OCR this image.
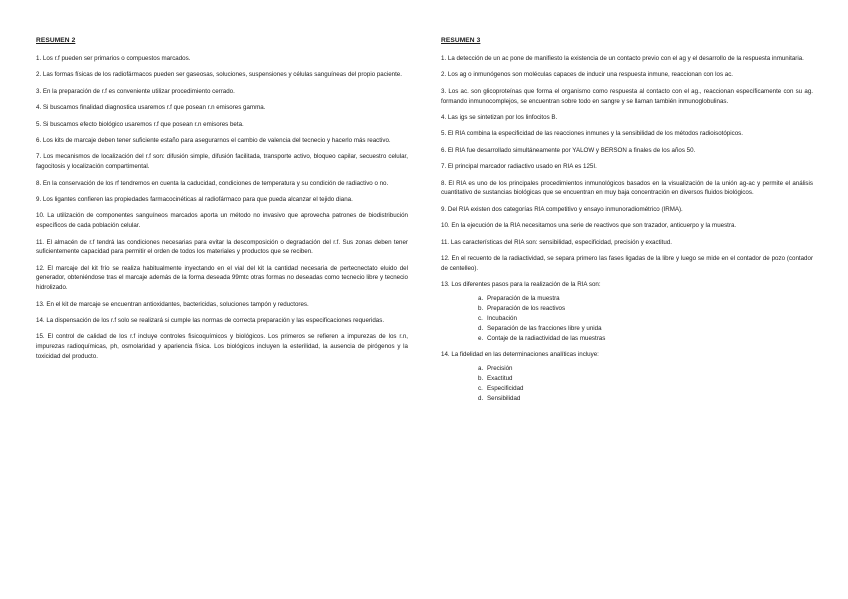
RESUMEN 2

1. Los r.f pueden ser primarios o compuestos marcados.

2. Las formas físicas de los radiofármacos pueden ser gaseosas, soluciones, suspensiones y células sanguíneas del propio paciente.

3. En la preparación de r.f es conveniente utilizar procedimiento cerrado.

4. Si buscamos finalidad diagnostica usaremos r.f que posean r.n emisores gamma.

5. Si buscamos efecto biológico usaremos r.f que posean r.n emisores beta.

6. Los kits de marcaje deben tener suficiente estaño para asegurarnos el cambio de valencia del tecnecio y hacerlo más reactivo.

7. Los mecanismos de localización del r.f son: difusión simple, difusión facilitada, transporte activo, bloqueo capilar, secuestro celular, fagocitosis y localización compartimental.

8. En la conservación de los rf tendremos en cuenta la caducidad, condiciones de temperatura y su condición de radiactivo o no.

9. Los ligantes confieren las propiedades farmacocinéticas al radiofármaco para que pueda alcanzar el tejido diana.

10. La utilización de componentes sanguíneos marcados aporta un método no invasivo que aprovecha patrones de biodistribución específicos de cada población celular.

11. El almacén de r.f tendrá las condiciones necesarias para evitar la descomposición o degradación del r.f. Sus zonas deben tener suficientemente capacidad para permitir el orden de todos los materiales y productos que se reciben.

12. El marcaje del kit frío se realiza habitualmente inyectando en el vial del kit la cantidad necesaria de pertecnectato eluido del generador, obteniéndose tras el marcaje además de la forma deseada 99mtc otras formas no deseadas como tecnecio libre y tecnecio hidrolizado.

13. En el kit de marcaje se encuentran antioxidantes, bactericidas, soluciones tampón y reductores.

14. La dispensación de los r.f solo se realizará si cumple las normas de correcta preparación y las especificaciones requeridas.

15. El control de calidad de los r.f incluye controles fisicoquímicos y biológicos. Los primeros se refieren a impurezas de los r.n, impurezas radioquímicas, ph, osmolaridad y apariencia física. Los biológicos incluyen la esterilidad, la ausencia de pirógenos y la toxicidad del producto.

RESUMEN 3

1. La detección de un ac pone de manifiesto la existencia de un contacto previo con el ag y el desarrollo de la respuesta inmunitaria.

2. Los ag o inmunógenos son moléculas capaces de inducir una respuesta inmune, reaccionan con los ac.

3. Los ac. son glicoproteínas que forma el organismo como respuesta al contacto con el ag., reaccionan específicamente con su ag. formando inmunocomplejos, se encuentran sobre todo en sangre y se llaman también inmunoglobulinas.

4. Las igs se sintetizan por los linfocitos B.

5. El RIA combina la especificidad de las reacciones inmunes y la sensibilidad de los métodos radioisotópicos.

6. El RIA fue desarrollado simultáneamente por YALOW y BERSON a finales de los años 50.

7. El principal marcador radiactivo usado en RIA es 125I.

8. El RIA es uno de los principales procedimientos inmunológicos basados en la visualización de la unión ag-ac y permite el análisis cuantitativo de sustancias biológicas que se encuentran en muy baja concentración en diversos fluidos biológicos.

9. Del RIA existen dos categorías RIA competitivo y ensayo inmunoradiométrico (IRMA).

10. En la ejecución de la RIA necesitamos una serie de reactivos que son trazador, anticuerpo y la muestra.

11. Las características del RIA son: sensibilidad, especificidad, precisión y exactitud.

12. En el recuento de la radiactividad, se separa primero las fases ligadas de la libre y luego se mide en el contador de pozo (contador de centelleo).

13. Los diferentes pasos para la realización de la RIA son:

a. Preparación de la muestra
b. Preparación de los reactivos
c. Incubación
d. Separación de las fracciones libre y unida
e. Contaje de la radiactividad de las muestras

14. La fidelidad en las determinaciones analíticas incluye:

a. Precisión
b. Exactitud
c. Especificidad
d. Sensibilidad
